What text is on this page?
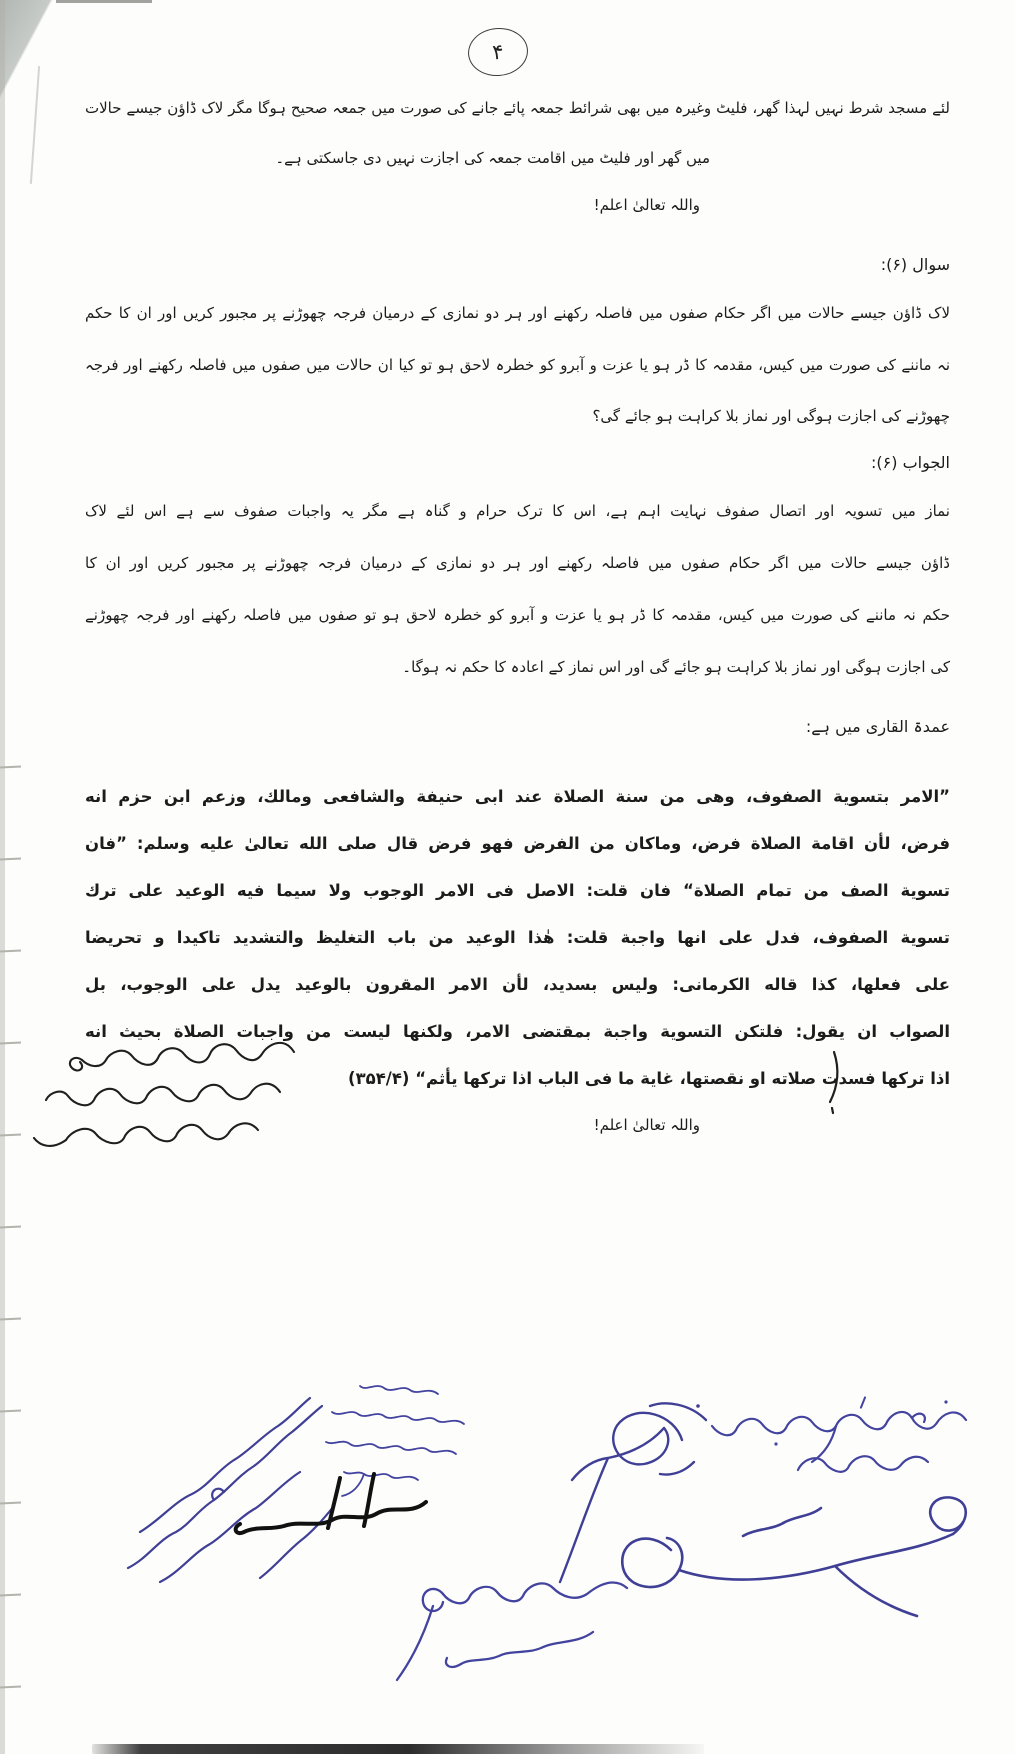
۴
لئے مسجد شرط نہیں لہذا گھر، فلیٹ وغیرہ میں بھی شرائط جمعہ پائے جانے کی صورت میں جمعہ صحیح ہوگا مگر لاک ڈاؤن جیسے حالات
میں گھر اور فلیٹ میں اقامت جمعہ کی اجازت نہیں دی جاسکتی ہے۔
واللہ تعالیٰ اعلم!
سوال (۶):
لاک ڈاؤن جیسے حالات میں اگر حکام صفوں میں فاصلہ رکھنے اور ہر دو نمازی کے درمیان فرجہ چھوڑنے پر مجبور کریں اور ان کا حکم
نہ ماننے کی صورت میں کیس، مقدمہ کا ڈر ہو یا عزت و آبرو کو خطرہ لاحق ہو تو کیا ان حالات میں صفوں میں فاصلہ رکھنے اور فرجہ
چھوڑنے کی اجازت ہوگی اور نماز بلا کراہت ہو جائے گی؟
الجواب (۶):
نماز میں تسویہ اور اتصال صفوف نہایت اہم ہے، اس کا ترک حرام و گناہ ہے مگر یہ واجبات صفوف سے ہے اس لئے لاک
ڈاؤن جیسے حالات میں اگر حکام صفوں میں فاصلہ رکھنے اور ہر دو نمازی کے درمیان فرجہ چھوڑنے پر مجبور کریں اور ان کا
حکم نہ ماننے کی صورت میں کیس، مقدمہ کا ڈر ہو یا عزت و آبرو کو خطرہ لاحق ہو تو صفوں میں فاصلہ رکھنے اور فرجہ چھوڑنے
کی اجازت ہوگی اور نماز بلا کراہت ہو جائے گی اور اس نماز کے اعادہ کا حکم نہ ہوگا۔
عمدۃ القاری میں ہے:
”الامر بتسوية الصفوف، وهى من سنة الصلاة عند ابى حنيفة والشافعى ومالك، وزعم ابن حزم انه
فرض، لأن اقامة الصلاة فرض، وماكان من الفرض فهو فرض قال صلى الله تعالىٰ عليه وسلم: ”فان
تسوية الصف من تمام الصلاة“ فان قلت: الاصل فى الامر الوجوب ولا سيما فيه الوعيد على ترك
تسوية الصفوف، فدل على انها واجبة قلت: هٰذا الوعيد من باب التغليظ والتشديد تاكيدا و تحريضا
على فعلها، كذا قاله الكرمانى: وليس بسديد، لأن الامر المقرون بالوعيد يدل على الوجوب، بل
الصواب ان يقول: فلتكن التسوية واجبة بمقتضى الامر، ولكنها ليست من واجبات الصلاة بحيث انه
اذا تركها فسدت صلاته او نقصتها، غاية ما فى الباب اذا تركها يأثم“ (۳۵۴/۴)
واللہ تعالیٰ اعلم!
